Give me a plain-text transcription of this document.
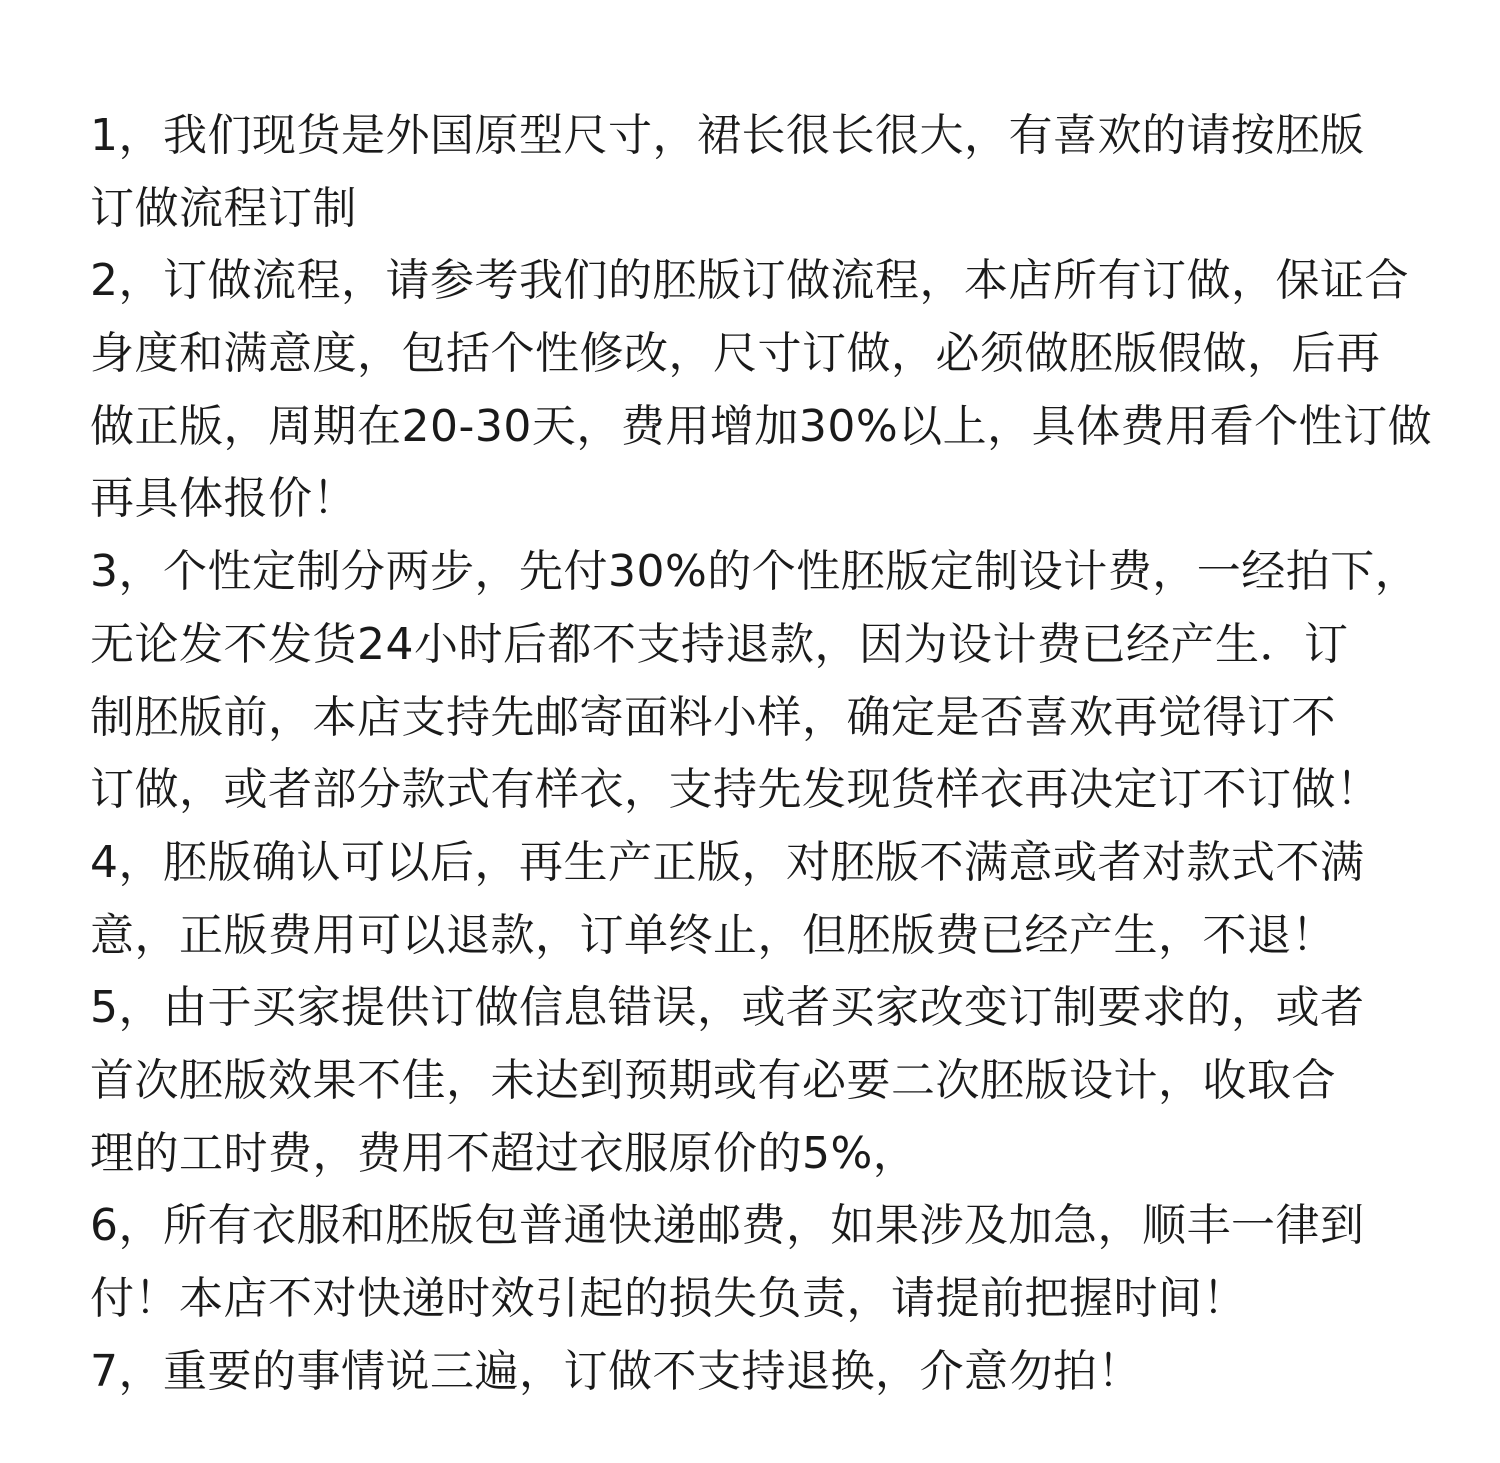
1，我们现货是外国原型尺寸，裙长很长很大，有喜欢的请按胚版
订做流程订制
2，订做流程，请参考我们的胚版订做流程，本店所有订做，保证合
身度和满意度，包括个性修改，尺寸订做，必须做胚版假做，后再
做正版，周期在20-30天，费用增加30%以上，具体费用看个性订做
再具体报价！
3，个性定制分两步，先付30%的个性胚版定制设计费，一经拍下，
无论发不发货24小时后都不支持退款，因为设计费已经产生．订
制胚版前，本店支持先邮寄面料小样，确定是否喜欢再觉得订不
订做，或者部分款式有样衣，支持先发现货样衣再决定订不订做！
4，胚版确认可以后，再生产正版，对胚版不满意或者对款式不满
意，正版费用可以退款，订单终止，但胚版费已经产生，不退！
5，由于买家提供订做信息错误，或者买家改变订制要求的，或者
首次胚版效果不佳，未达到预期或有必要二次胚版设计，收取合
理的工时费，费用不超过衣服原价的5%，
6，所有衣服和胚版包普通快递邮费，如果涉及加急，顺丰一律到
付！本店不对快递时效引起的损失负责，请提前把握时间！
7，重要的事情说三遍，订做不支持退换，介意勿拍！
